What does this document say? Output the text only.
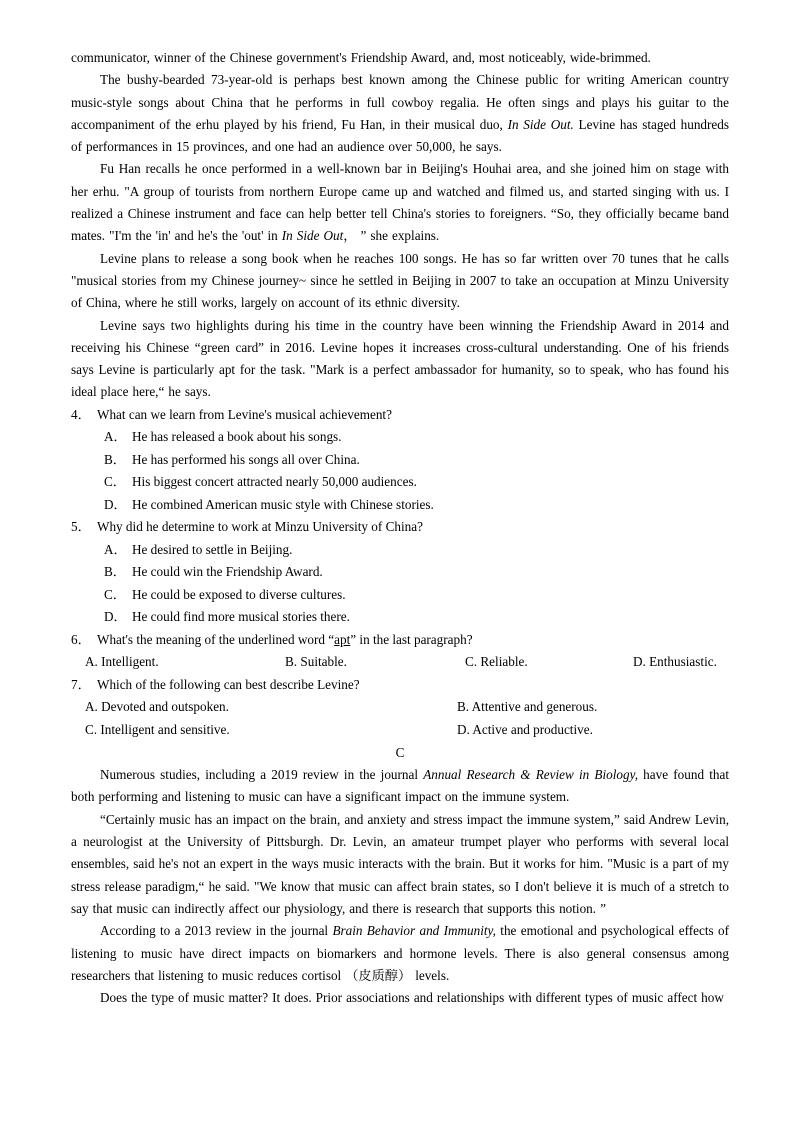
communicator, winner of the Chinese government's Friendship Award, and, most noticeably, wide-brimmed.

The bushy-bearded 73-year-old is perhaps best known among the Chinese public for writing American country music-style songs about China that he performs in full cowboy regalia. He often sings and plays his guitar to the accompaniment of the erhu played by his friend, Fu Han, in their musical duo, In Side Out. Levine has staged hundreds of performances in 15 provinces, and one had an audience over 50,000, he says.

Fu Han recalls he once performed in a well-known bar in Beijing's Houhai area, and she joined him on stage with her erhu. "A group of tourists from northern Europe came up and watched and filmed us, and started singing with us. I realized a Chinese instrument and face can help better tell China's stories to foreigners. “So, they officially became band mates. "I'm the 'in' and he's the 'out' in In Side Out， ” she explains.

Levine plans to release a song book when he reaches 100 songs. He has so far written over 70 tunes that he calls "musical stories from my Chinese journey~ since he settled in Beijing in 2007 to take an occupation at Minzu University of China, where he still works, largely on account of its ethnic diversity.

Levine says two highlights during his time in the country have been winning the Friendship Award in 2014 and receiving his Chinese “green card” in 2016. Levine hopes it increases cross-cultural understanding. One of his friends says Levine is particularly apt for the task. "Mark is a perfect ambassador for humanity, so to speak, who has found his ideal place here,“ he says.

4． What can we learn from Levine's musical achievement?
A． He has released a book about his songs.
B． He has performed his songs all over China.
C． His biggest concert attracted nearly 50,000 audiences.
D． He combined American music style with Chinese stories.
5． Why did he determine to work at Minzu University of China?
A． He desired to settle in Beijing.
B． He could win the Friendship Award.
C． He could be exposed to diverse cultures.
D． He could find more musical stories there.
6． What's the meaning of the underlined word “apt” in the last paragraph?
A. Intelligent.	B. Suitable.	C. Reliable.	D. Enthusiastic.
7． Which of the following can best describe Levine?
A. Devoted and outspoken.	B. Attentive and generous.
C. Intelligent and sensitive.	D. Active and productive.

C

Numerous studies, including a 2019 review in the journal Annual Research & Review in Biology, have found that both performing and listening to music can have a significant impact on the immune system.

“Certainly music has an impact on the brain, and anxiety and stress impact the immune system,” said Andrew Levin, a neurologist at the University of Pittsburgh. Dr. Levin, an amateur trumpet player who performs with several local ensembles, said he's not an expert in the ways music interacts with the brain. But it works for him. "Music is a part of my stress release paradigm,“ he said. "We know that music can affect brain states, so I don't believe it is much of a stretch to say that music can indirectly affect our physiology, and there is research that supports this notion. ”

According to a 2013 review in the journal Brain Behavior and Immunity, the emotional and psychological effects of listening to music have direct impacts on biomarkers and hormone levels. There is also general consensus among researchers that listening to music reduces cortisol （皮质醇） levels.

Does the type of music matter? It does. Prior associations and relationships with different types of music affect how
